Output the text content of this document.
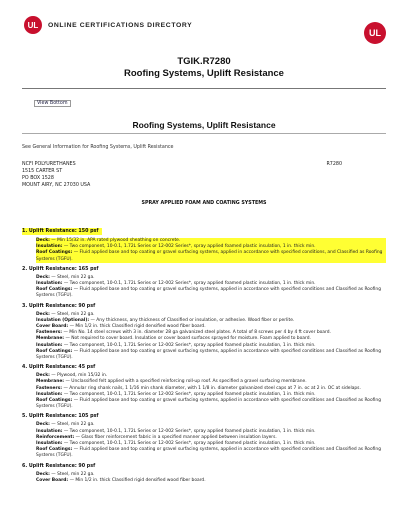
UL ONLINE CERTIFICATIONS DIRECTORY
UL
TGIK.R7280
Roofing Systems, Uplift Resistance
View Bottom
Roofing Systems, Uplift Resistance
See General Information for Roofing Systems, Uplift Resistance
NCFI POLYURETHANES
1515 CARTER ST
PO BOX 1528
MOUNT AIRY, NC 27030 USA
R7280
SPRAY APPLIED FOAM AND COATING SYSTEMS
1. Uplift Resistance: 150 psf
Deck: — Min 15/32 in. APA rated plywood sheathing on concrete.
Insulation: — Two component, 10-0.1, 1.72L Series or 12-002 Series*, spray applied foamed plastic insulation, 1 in. thick min.
Roof Coatings: — Fluid applied base and top coating or gravel surfacing systems, applied in accordance with specified conditions, and Classified as Roofing Systems (TGFU).
2. Uplift Resistance: 165 psf
Deck: — Steel, min 22 ga.
Insulation: — Two component, 10-0.1, 1.72L Series or 12-002 Series*, spray applied foamed plastic insulation, 1 in. thick min.
Roof Coatings: — Fluid applied base and top coating or gravel surfacing systems, applied in accordance with specified conditions and Classified as Roofing Systems (TGFU).
3. Uplift Resistance: 90 psf
Deck: — Steel, min 22 ga.
Insulation (Optional): — Any thickness, any thickness of Classified or insulation, or adhesive. Wood fiber or perlite.
Cover Board: — Min 1/2 in. thick Classified rigid densified wood fiber board.
Fasteners: — Min No. 14 steel screws with 3 in. diameter 28 ga galvanized steel plates. A total of 8 screws per 4 by 4 ft cover board.
Membrane: — Not required to cover board. Insulation or cover board surfaces sprayed for moisture. Foam applied to board.
Insulation: — Two component, 10-0.1, 1.72L Series or 12-002 Series*, spray applied foamed plastic insulation, 1 in. thick min.
Roof Coatings: — Fluid applied base and top coating or gravel surfacing systems, applied in accordance with specified conditions and Classified as Roofing Systems (TGFU).
4. Uplift Resistance: 45 psf
Deck: — Plywood, min 15/32 in.
Membrane: — Unclassified felt applied with a specified reinforcing roll-up roof. As specified a gravel surfacing membrane.
Fasteners: — Annular ring shank nails, 1 1/16 min shank diameter, with 1 1/8 in. diameter galvanized steel caps at 7 in. oc at 2 in. OC at sidelaps.
Insulation: — Two component, 10-0.1, 1.72L Series or 12-002 Series*, spray applied foamed plastic insulation, 1 in. thick min.
Roof Coatings: — Fluid applied base and top coating or gravel surfacing systems, applied in accordance with specified conditions and Classified as Roofing Systems (TGFU).
5. Uplift Resistance: 105 psf
Deck: — Steel, min 22 ga.
Insulation: — Two component, 10-0.1, 1.72L Series or 12-002 Series*, spray applied foamed plastic insulation, 1 in. thick min.
Reinforcement: — Glass fiber reinforcement fabric in a specified manner applied between insulation layers.
Insulation: — Two component, 10-0.1, 1.72L Series or 12-002 Series*, spray applied foamed plastic insulation, 1 in. thick min.
Roof Coatings: — Fluid applied base and top coating or gravel surfacing systems, applied in accordance with specified conditions and Classified as Roofing Systems (TGFU).
6. Uplift Resistance: 90 psf
Deck: — Steel, min 22 ga.
Cover Board: — Min 1/2 in. thick Classified rigid densified wood fiber board.
